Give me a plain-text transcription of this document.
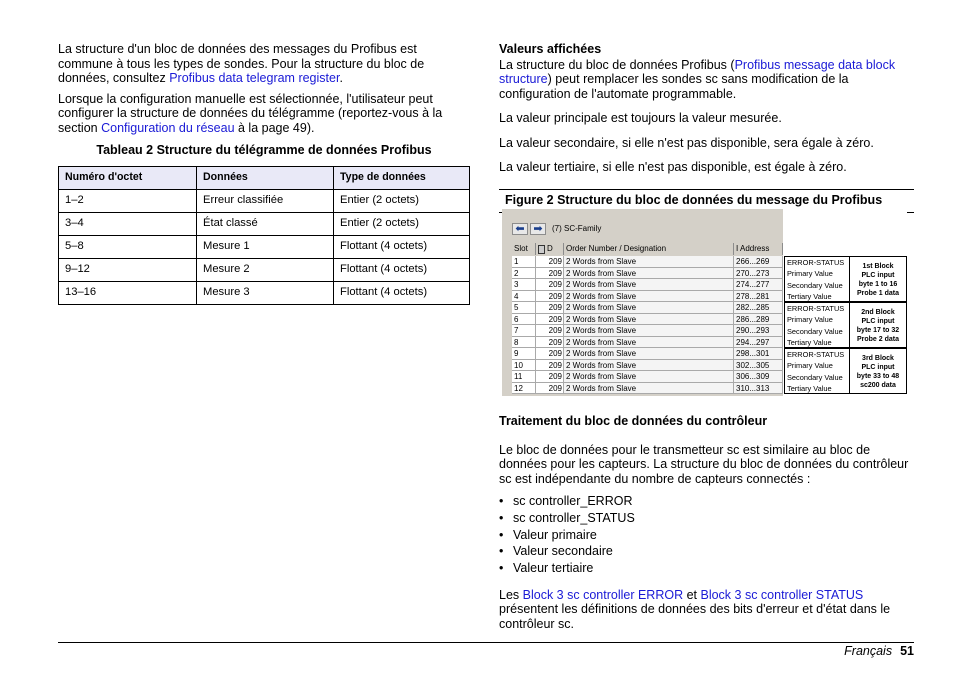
La structure d'un bloc de données des messages du Profibus est commune à tous les types de sondes. Pour la structure du bloc de données, consultez Profibus data telegram register.

Lorsque la configuration manuelle est sélectionnée, l'utilisateur peut configurer la structure de données du télégramme (reportez-vous à la section Configuration du réseau à la page 49).

Tableau 2 Structure du télégramme de données Profibus
Numéro d'octet	Données	Type de données
1–2	Erreur classifiée	Entier (2 octets)
3–4	État classé	Entier (2 octets)
5–8	Mesure 1	Flottant (4 octets)
9–12	Mesure 2	Flottant (4 octets)
13–16	Mesure 3	Flottant (4 octets)
Valeurs affichées

La structure du bloc de données Profibus (Profibus message data block structure) peut remplacer les sondes sc sans modification de la configuration de l'automate programmable.

La valeur principale est toujours la valeur mesurée.

La valeur secondaire, si elle n'est pas disponible, sera égale à zéro.

La valeur tertiaire, si elle n'est pas disponible, est égale à zéro.

Figure 2 Structure du bloc de données du message du Profibus
⬅ ➡	(7) SC-Family
Slot	D Order Number / Designation	I Address
1	209 2 Words from Slave	266...269
2	209 2 Words from Slave	270...273
3	209 2 Words from Slave	274...277
4	209 2 Words from Slave	278...281
5	209 2 Words from Slave	282...285
6	209 2 Words from Slave	286...289
7	209 2 Words from Slave	290...293
8	209 2 Words from Slave	294...297
9	209 2 Words from Slave	298...301
10	209 2 Words from Slave	302...305
11	209 2 Words from Slave	306...309
12	209 2 Words from Slave	310...313
ERROR-STATUS
Primary Value
Secondary Value
Tertiary Value
1st Block
PLC input
byte 1 to 16
Probe 1 data
ERROR-STATUS
Primary Value
Secondary Value
Tertiary Value
2nd Block
PLC input
byte 17 to 32
Probe 2 data
ERROR-STATUS
Primary Value
Secondary Value
Tertiary Value
3rd Block
PLC input
byte 33 to 48
sc200 data
Traitement du bloc de données du contrôleur

Le bloc de données pour le transmetteur sc est similaire au bloc de données pour les capteurs. La structure du bloc de données du contrôleur sc est indépendante du nombre de capteurs connectés :

• sc controller_ERROR
• sc controller_STATUS
• Valeur primaire
• Valeur secondaire
• Valeur tertiaire

Les Block 3 sc controller ERROR et Block 3 sc controller STATUS présentent les définitions de données des bits d'erreur et d'état dans le contrôleur sc.

Français 51
